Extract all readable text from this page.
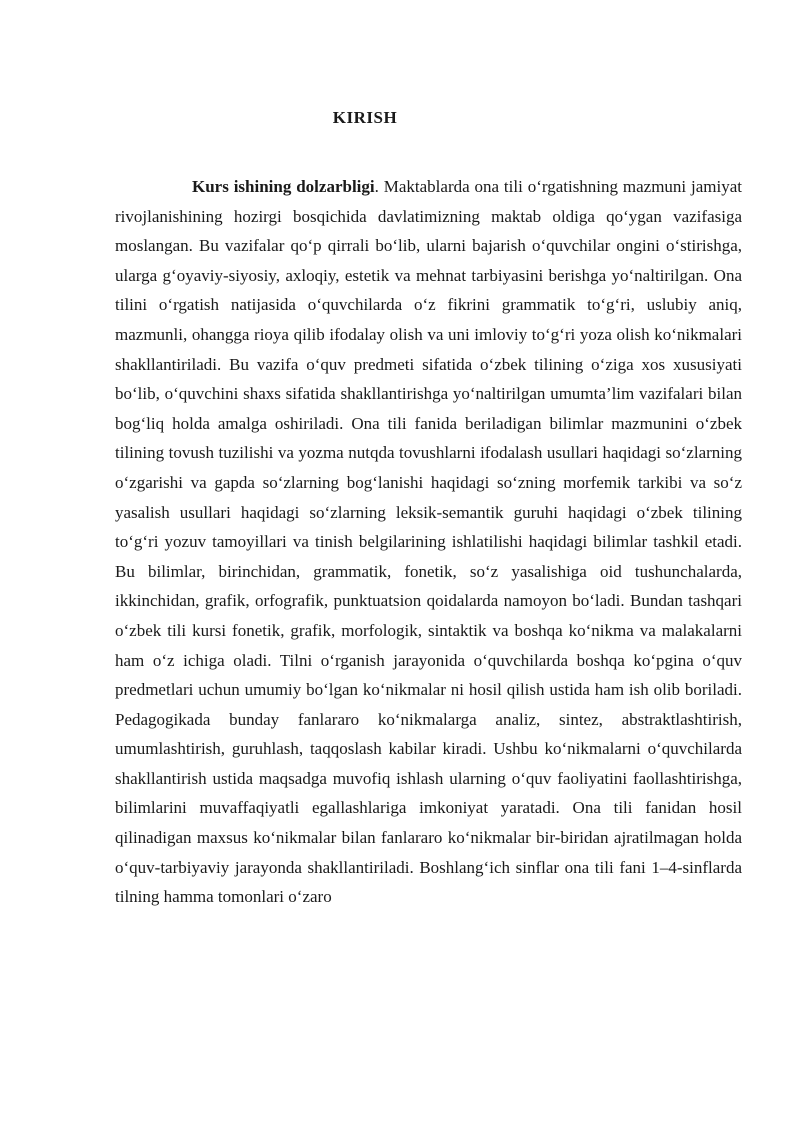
KIRISH

Kurs ishining dolzarbligi. Maktablarda ona tili o‘rgatishning mazmuni jamiyat rivojlanishining hozirgi bosqichida davlatimizning maktab oldiga qo‘ygan vazifasiga moslangan. Bu vazifalar qo‘p qirrali bo‘lib, ularni bajarish o‘quvchilar ongini o‘stirishga, ularga g‘oyaviy-siyosiy, axloqiy, estetik va mehnat tarbiyasini berishga yo‘naltirilgan. Ona tilini o‘rgatish natijasida o‘quvchilarda o‘z fikrini grammatik to‘g‘ri, uslubiy aniq, mazmunli, ohangga rioya qilib ifodalay olish va uni imloviy to‘g‘ri yoza olish ko‘nikmalari shakllantiriladi. Bu vazifa o‘quv predmeti sifatida o‘zbek tilining o‘ziga xos xususiyati bo‘lib, o‘quvchini shaxs sifatida shakllantirishga yo‘naltirilgan umumta’lim vazifalari bilan bog‘liq holda amalga oshiriladi. Ona tili fanida beriladigan bilimlar mazmunini o‘zbek tilining tovush tuzilishi va yozma nutqda tovushlarni ifodalash usullari haqidagi so‘zlarning o‘zgarishi va gapda so‘zlarning bog‘lanishi haqidagi so‘zning morfemik tarkibi va so‘z yasalish usullari haqidagi so‘zlarning leksik-semantik guruhi haqidagi o‘zbek tilining to‘g‘ri yozuv tamoyillari va tinish belgilarining ishlatilishi haqidagi bilimlar tashkil etadi. Bu bilimlar, birinchidan, grammatik, fonetik, so‘z yasalishiga oid tushunchalarda, ikkinchidan, grafik, orfografik, punktuatsion qoidalarda namoyon bo‘ladi. Bundan tashqari o‘zbek tili kursi fonetik, grafik, morfologik, sintaktik va boshqa ko‘nikma va malakalarni ham o‘z ichiga oladi. Tilni o‘rganish jarayonida o‘quvchilarda boshqa ko‘pgina o‘quv predmetlari uchun umumiy bo‘lgan ko‘nikmalar ni hosil qilish ustida ham ish olib boriladi. Pedagogikada bunday fanlararo ko‘nikmalarga analiz, sintez, abstraktlashtirish, umumlashtirish, guruhlash, taqqoslash kabilar kiradi. Ushbu ko‘nikmalarni o‘quvchilarda shakllantirish ustida maqsadga muvofiq ishlash ularning o‘quv faoliyatini faollashtirishga, bilimlarini muvaffaqiyatli egallashlariga imkoniyat yaratadi. Ona tili fanidan hosil qilinadigan maxsus ko‘nikmalar bilan fanlararo ko‘nikmalar bir-biridan ajratilmagan holda o‘quv-tarbiyaviy jarayonda shakllantiriladi. Boshlang‘ich sinflar ona tili fani 1–4-sinflarda tilning hamma tomonlari o‘zaro
